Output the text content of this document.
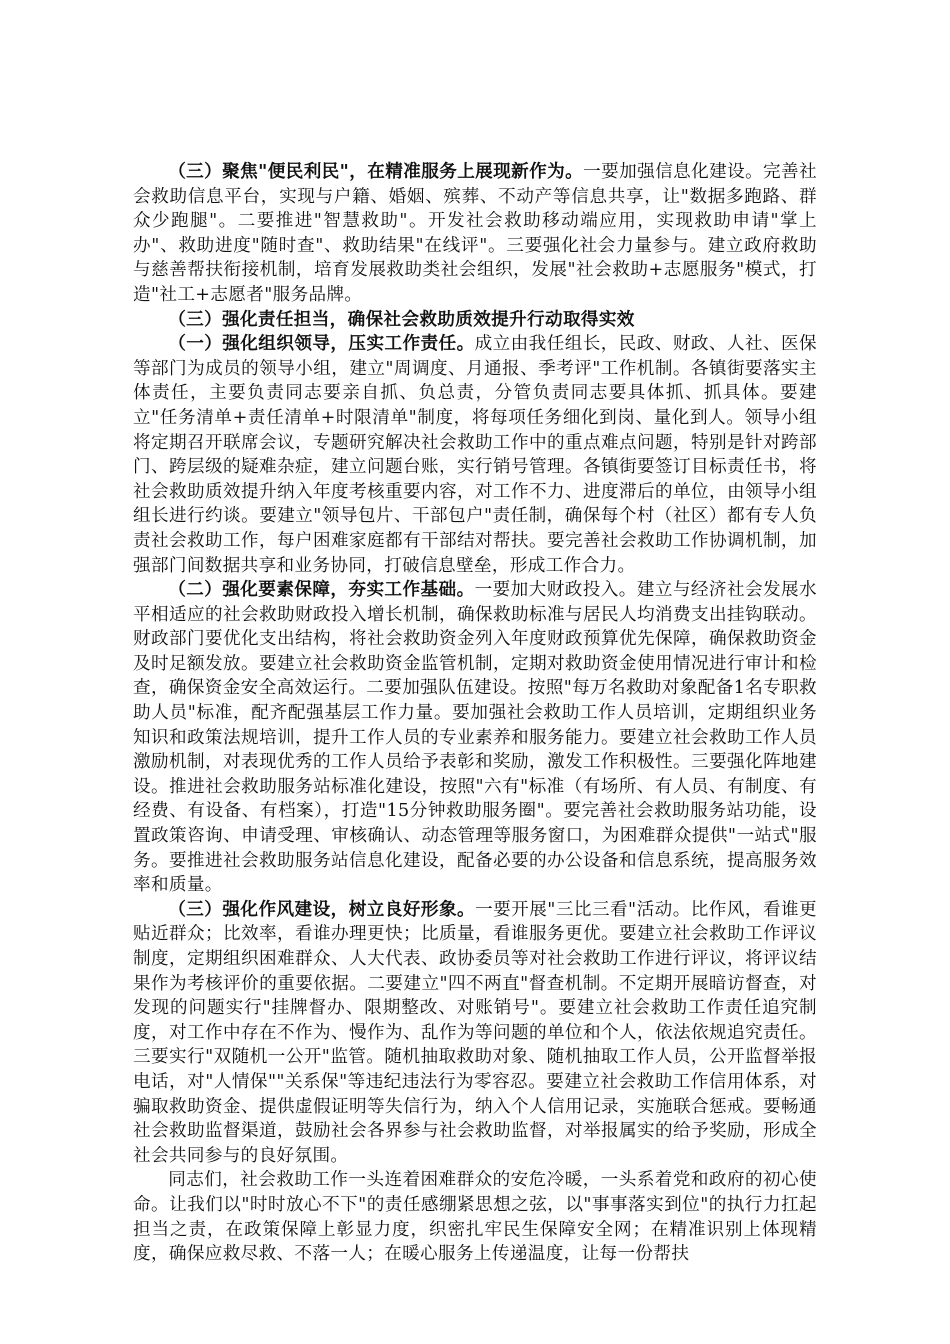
（三）聚焦"便民利民"，在精准服务上展现新作为。一要加强信息化建设。完善社会救助信息平台，实现与户籍、婚姻、殡葬、不动产等信息共享，让"数据多跑路、群众少跑腿"。二要推进"智慧救助"。开发社会救助移动端应用，实现救助申请"掌上办"、救助进度"随时查"、救助结果"在线评"。三要强化社会力量参与。建立政府救助与慈善帮扶衔接机制，培育发展救助类社会组织，发展"社会救助+志愿服务"模式，打造"社工+志愿者"服务品牌。

（三）强化责任担当，确保社会救助质效提升行动取得实效

（一）强化组织领导，压实工作责任。成立由我任组长，民政、财政、人社、医保等部门为成员的领导小组，建立"周调度、月通报、季考评"工作机制。各镇街要落实主体责任，主要负责同志要亲自抓、负总责，分管负责同志要具体抓、抓具体。要建立"任务清单+责任清单+时限清单"制度，将每项任务细化到岗、量化到人。领导小组将定期召开联席会议，专题研究解决社会救助工作中的重点难点问题，特别是针对跨部门、跨层级的疑难杂症，建立问题台账，实行销号管理。各镇街要签订目标责任书，将社会救助质效提升纳入年度考核重要内容，对工作不力、进度滞后的单位，由领导小组组长进行约谈。要建立"领导包片、干部包户"责任制，确保每个村（社区）都有专人负责社会救助工作，每户困难家庭都有干部结对帮扶。要完善社会救助工作协调机制，加强部门间数据共享和业务协同，打破信息壁垒，形成工作合力。

（二）强化要素保障，夯实工作基础。一要加大财政投入。建立与经济社会发展水平相适应的社会救助财政投入增长机制，确保救助标准与居民人均消费支出挂钩联动。财政部门要优化支出结构，将社会救助资金列入年度财政预算优先保障，确保救助资金及时足额发放。要建立社会救助资金监管机制，定期对救助资金使用情况进行审计和检查，确保资金安全高效运行。二要加强队伍建设。按照"每万名救助对象配备1名专职救助人员"标准，配齐配强基层工作力量。要加强社会救助工作人员培训，定期组织业务知识和政策法规培训，提升工作人员的专业素养和服务能力。要建立社会救助工作人员激励机制，对表现优秀的工作人员给予表彰和奖励，激发工作积极性。三要强化阵地建设。推进社会救助服务站标准化建设，按照"六有"标准（有场所、有人员、有制度、有经费、有设备、有档案），打造"15分钟救助服务圈"。要完善社会救助服务站功能，设置政策咨询、申请受理、审核确认、动态管理等服务窗口，为困难群众提供"一站式"服务。要推进社会救助服务站信息化建设，配备必要的办公设备和信息系统，提高服务效率和质量。

（三）强化作风建设，树立良好形象。一要开展"三比三看"活动。比作风，看谁更贴近群众；比效率，看谁办理更快；比质量，看谁服务更优。要建立社会救助工作评议制度，定期组织困难群众、人大代表、政协委员等对社会救助工作进行评议，将评议结果作为考核评价的重要依据。二要建立"四不两直"督查机制。不定期开展暗访督查，对发现的问题实行"挂牌督办、限期整改、对账销号"。要建立社会救助工作责任追究制度，对工作中存在不作为、慢作为、乱作为等问题的单位和个人，依法依规追究责任。三要实行"双随机一公开"监管。随机抽取救助对象、随机抽取工作人员，公开监督举报电话，对"人情保""关系保"等违纪违法行为零容忍。要建立社会救助工作信用体系，对骗取救助资金、提供虚假证明等失信行为，纳入个人信用记录，实施联合惩戒。要畅通社会救助监督渠道，鼓励社会各界参与社会救助监督，对举报属实的给予奖励，形成全社会共同参与的良好氛围。

同志们，社会救助工作一头连着困难群众的安危冷暖，一头系着党和政府的初心使命。让我们以"时时放心不下"的责任感绷紧思想之弦，以"事事落实到位"的执行力扛起担当之责，在政策保障上彰显力度，织密扎牢民生保障安全网；在精准识别上体现精度，确保应救尽救、不落一人；在暖心服务上传递温度，让每一份帮扶
